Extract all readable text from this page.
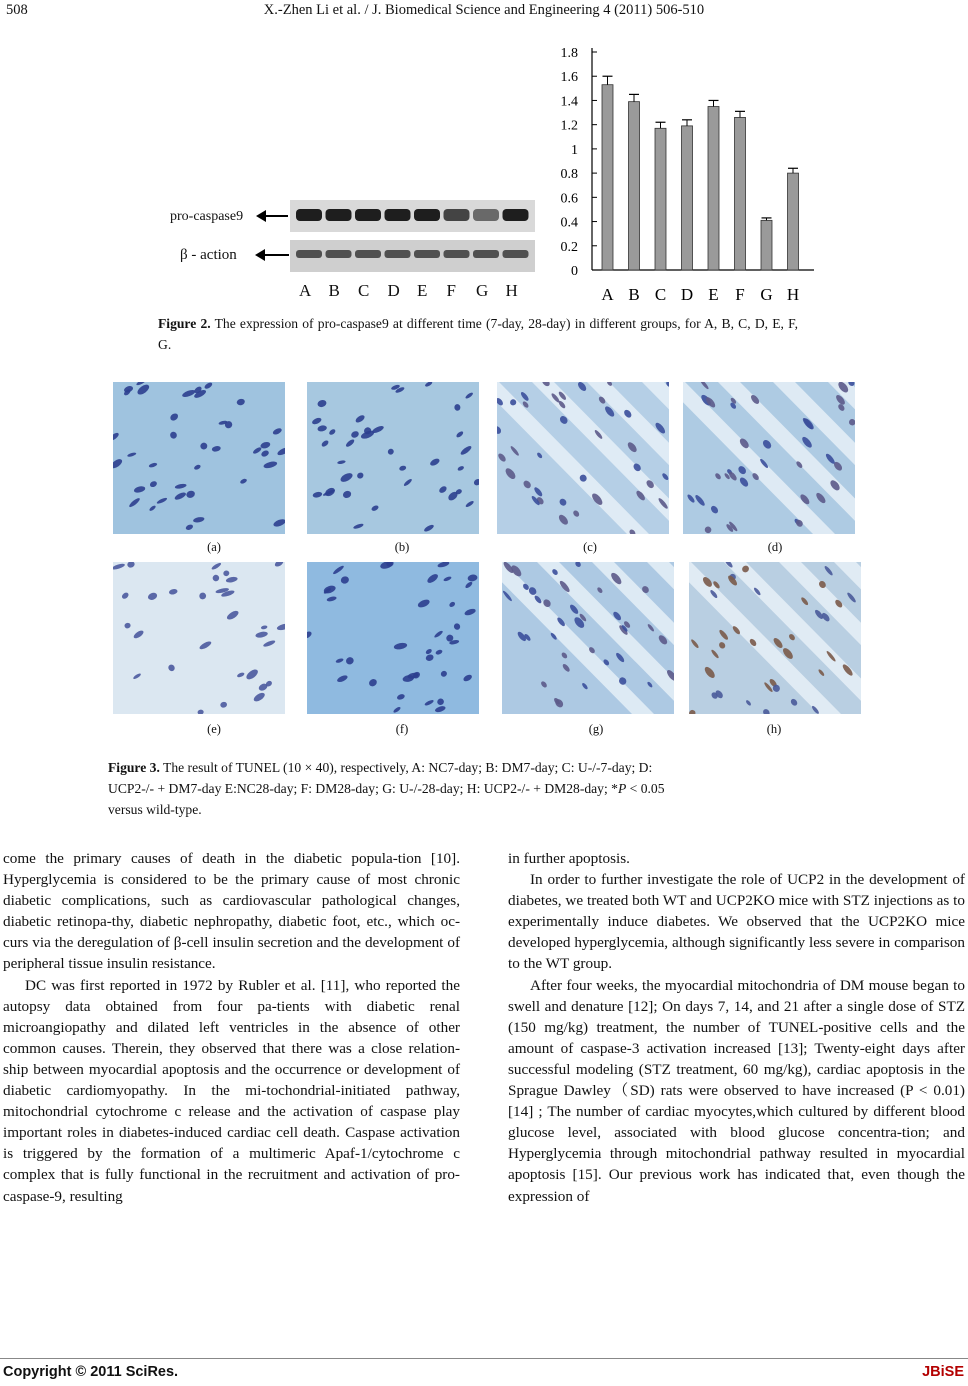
508	X.-Zhen Li et al. / J. Biomedical Science and Engineering 4 (2011) 506-510
pro-caspase9
β - action
A B C D E F G H
0
0.2
0.4
0.6
0.8
1
1.2
1.4
1.6
1.8
A B C D E F G H
Figure 2. The expression of pro-caspase9 at different time (7-day, 28-day) in different groups, for A, B, C, D, E, F, G.
(a)	(b)	(c)	(d)
(e)	(f)	(g)	(h)
Figure 3. The result of TUNEL (10 × 40), respectively, A: NC7-day; B: DM7-day; C: U-/-7-day; D:
UCP2-/- + DM7-day E:NC28-day; F: DM28-day; G: U-/-28-day; H: UCP2-/- + DM28-day; *P < 0.05
versus wild-type.

come the primary causes of death in the diabetic popula-tion [10]. Hyperglycemia is considered to be the primary cause of most chronic diabetic complications, such as cardiovascular pathological changes, diabetic retinopa-thy, diabetic nephropathy, diabetic foot, etc., which oc-curs via the deregulation of β-cell insulin secretion and the development of peripheral tissue insulin resistance.

DC was first reported in 1972 by Rubler et al. [11], who reported the autopsy data obtained from four pa-tients with diabetic renal microangiopathy and dilated left ventricles in the absence of other common causes. Therein, they observed that there was a close relation-ship between myocardial apoptosis and the occurrence or development of diabetic cardiomyopathy. In the mi-tochondrial-initiated pathway, mitochondrial cytochrome c release and the activation of caspase play important roles in diabetes-induced cardiac cell death. Caspase activation is triggered by the formation of a multimeric Apaf-1/cytochrome c complex that is fully functional in the recruitment and activation of pro-caspase-9, resulting

in further apoptosis.

In order to further investigate the role of UCP2 in the development of diabetes, we treated both WT and UCP2KO mice with STZ injections as to experimentally induce diabetes. We observed that the UCP2KO mice developed hyperglycemia, although significantly less severe in comparison to the WT group.

After four weeks, the myocardial mitochondria of DM mouse began to swell and denature [12]; On days 7, 14, and 21 after a single dose of STZ (150 mg/kg) treatment, the number of TUNEL-positive cells and the amount of caspase-3 activation increased [13]; Twenty-eight days after successful modeling (STZ treatment, 60 mg/kg), cardiac apoptosis in the Sprague Dawley（SD) rats were observed to have increased (P < 0.01) [14] ; The number of cardiac myocytes,which cultured by different blood glucose level, associated with blood glucose concentra-tion; and Hyperglycemia through mitochondrial pathway resulted in myocardial apoptosis [15]. Our previous work has indicated that, even though the expression of

Copyright © 2011 SciRes.	JBiSE
